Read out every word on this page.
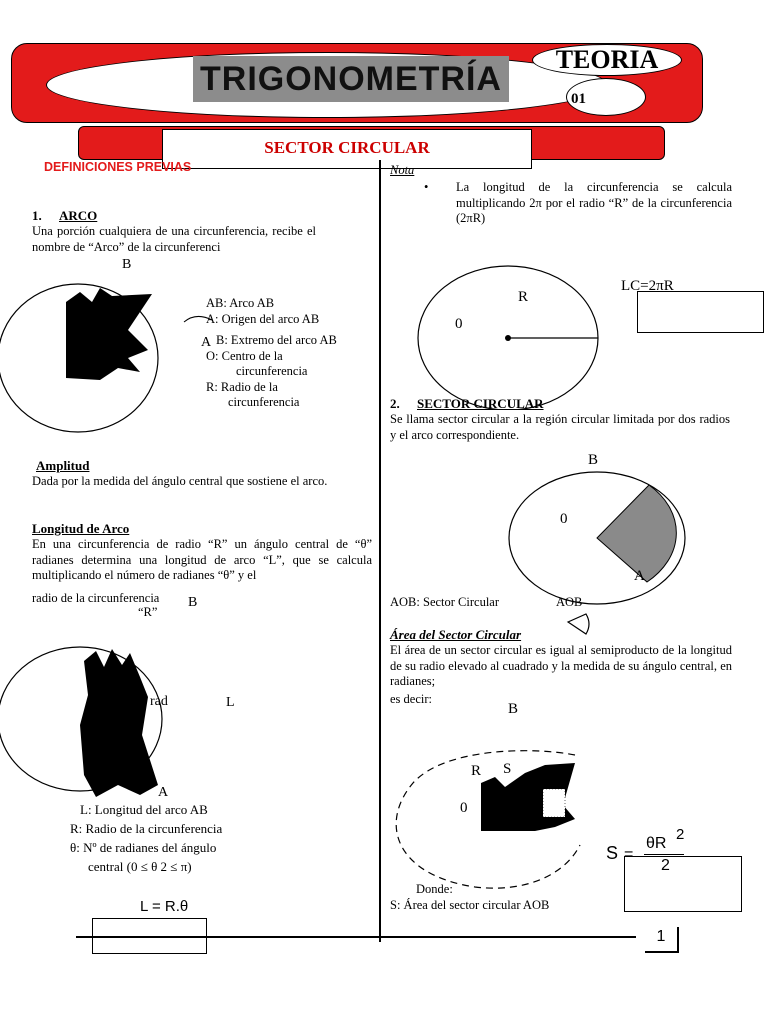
TRIGONOMETRÍA
TEORIA
01
SECTOR CIRCULAR
DEFINICIONES PREVIAS
1. ARCO
Una porción cualquiera de una circunferencia, recibe el nombre de “Arco” de la circunferenci
B
A
AB: Arco AB
A: Origen del arco AB
B: Extremo del arco AB
O: Centro de la
circunferencia
R: Radio de la
circunferencia
Amplitud
Dada por la medida del ángulo central que sostiene el arco.
Longitud de Arco
En una circunferencia de radio “R” un ángulo central de “θ” radianes determina una longitud de arco “L”, que se calcula multiplicando el número de radianes “θ” y el
radio de la circunferencia
“R”
B
rad	L
A
L: Longitud del arco AB
R: Radio de la circunferencia
θ: Nº de radianes del ángulo
central (0 ≤ θ 2 ≤ π)
L = R.θ
Nota
• La longitud de la circunferencia se calcula multiplicando 2π por el radio “R” de la circunferencia (2πR)
R
0
LC=2πR
2. SECTOR CIRCULAR
Se llama sector circular a la región circular limitada por dos radios y el arco correspondiente.
B
0
A
AOB: Sector Circular	AOB
Área del Sector Circular
El área de un sector circular es igual al semiproducto de la longitud de su radio elevado al cuadrado y la medida de su ángulo central, en radianes;
es decir:
B
R S
0
S =
θR
2
2
Donde:
S: Área del sector circular AOB
1
